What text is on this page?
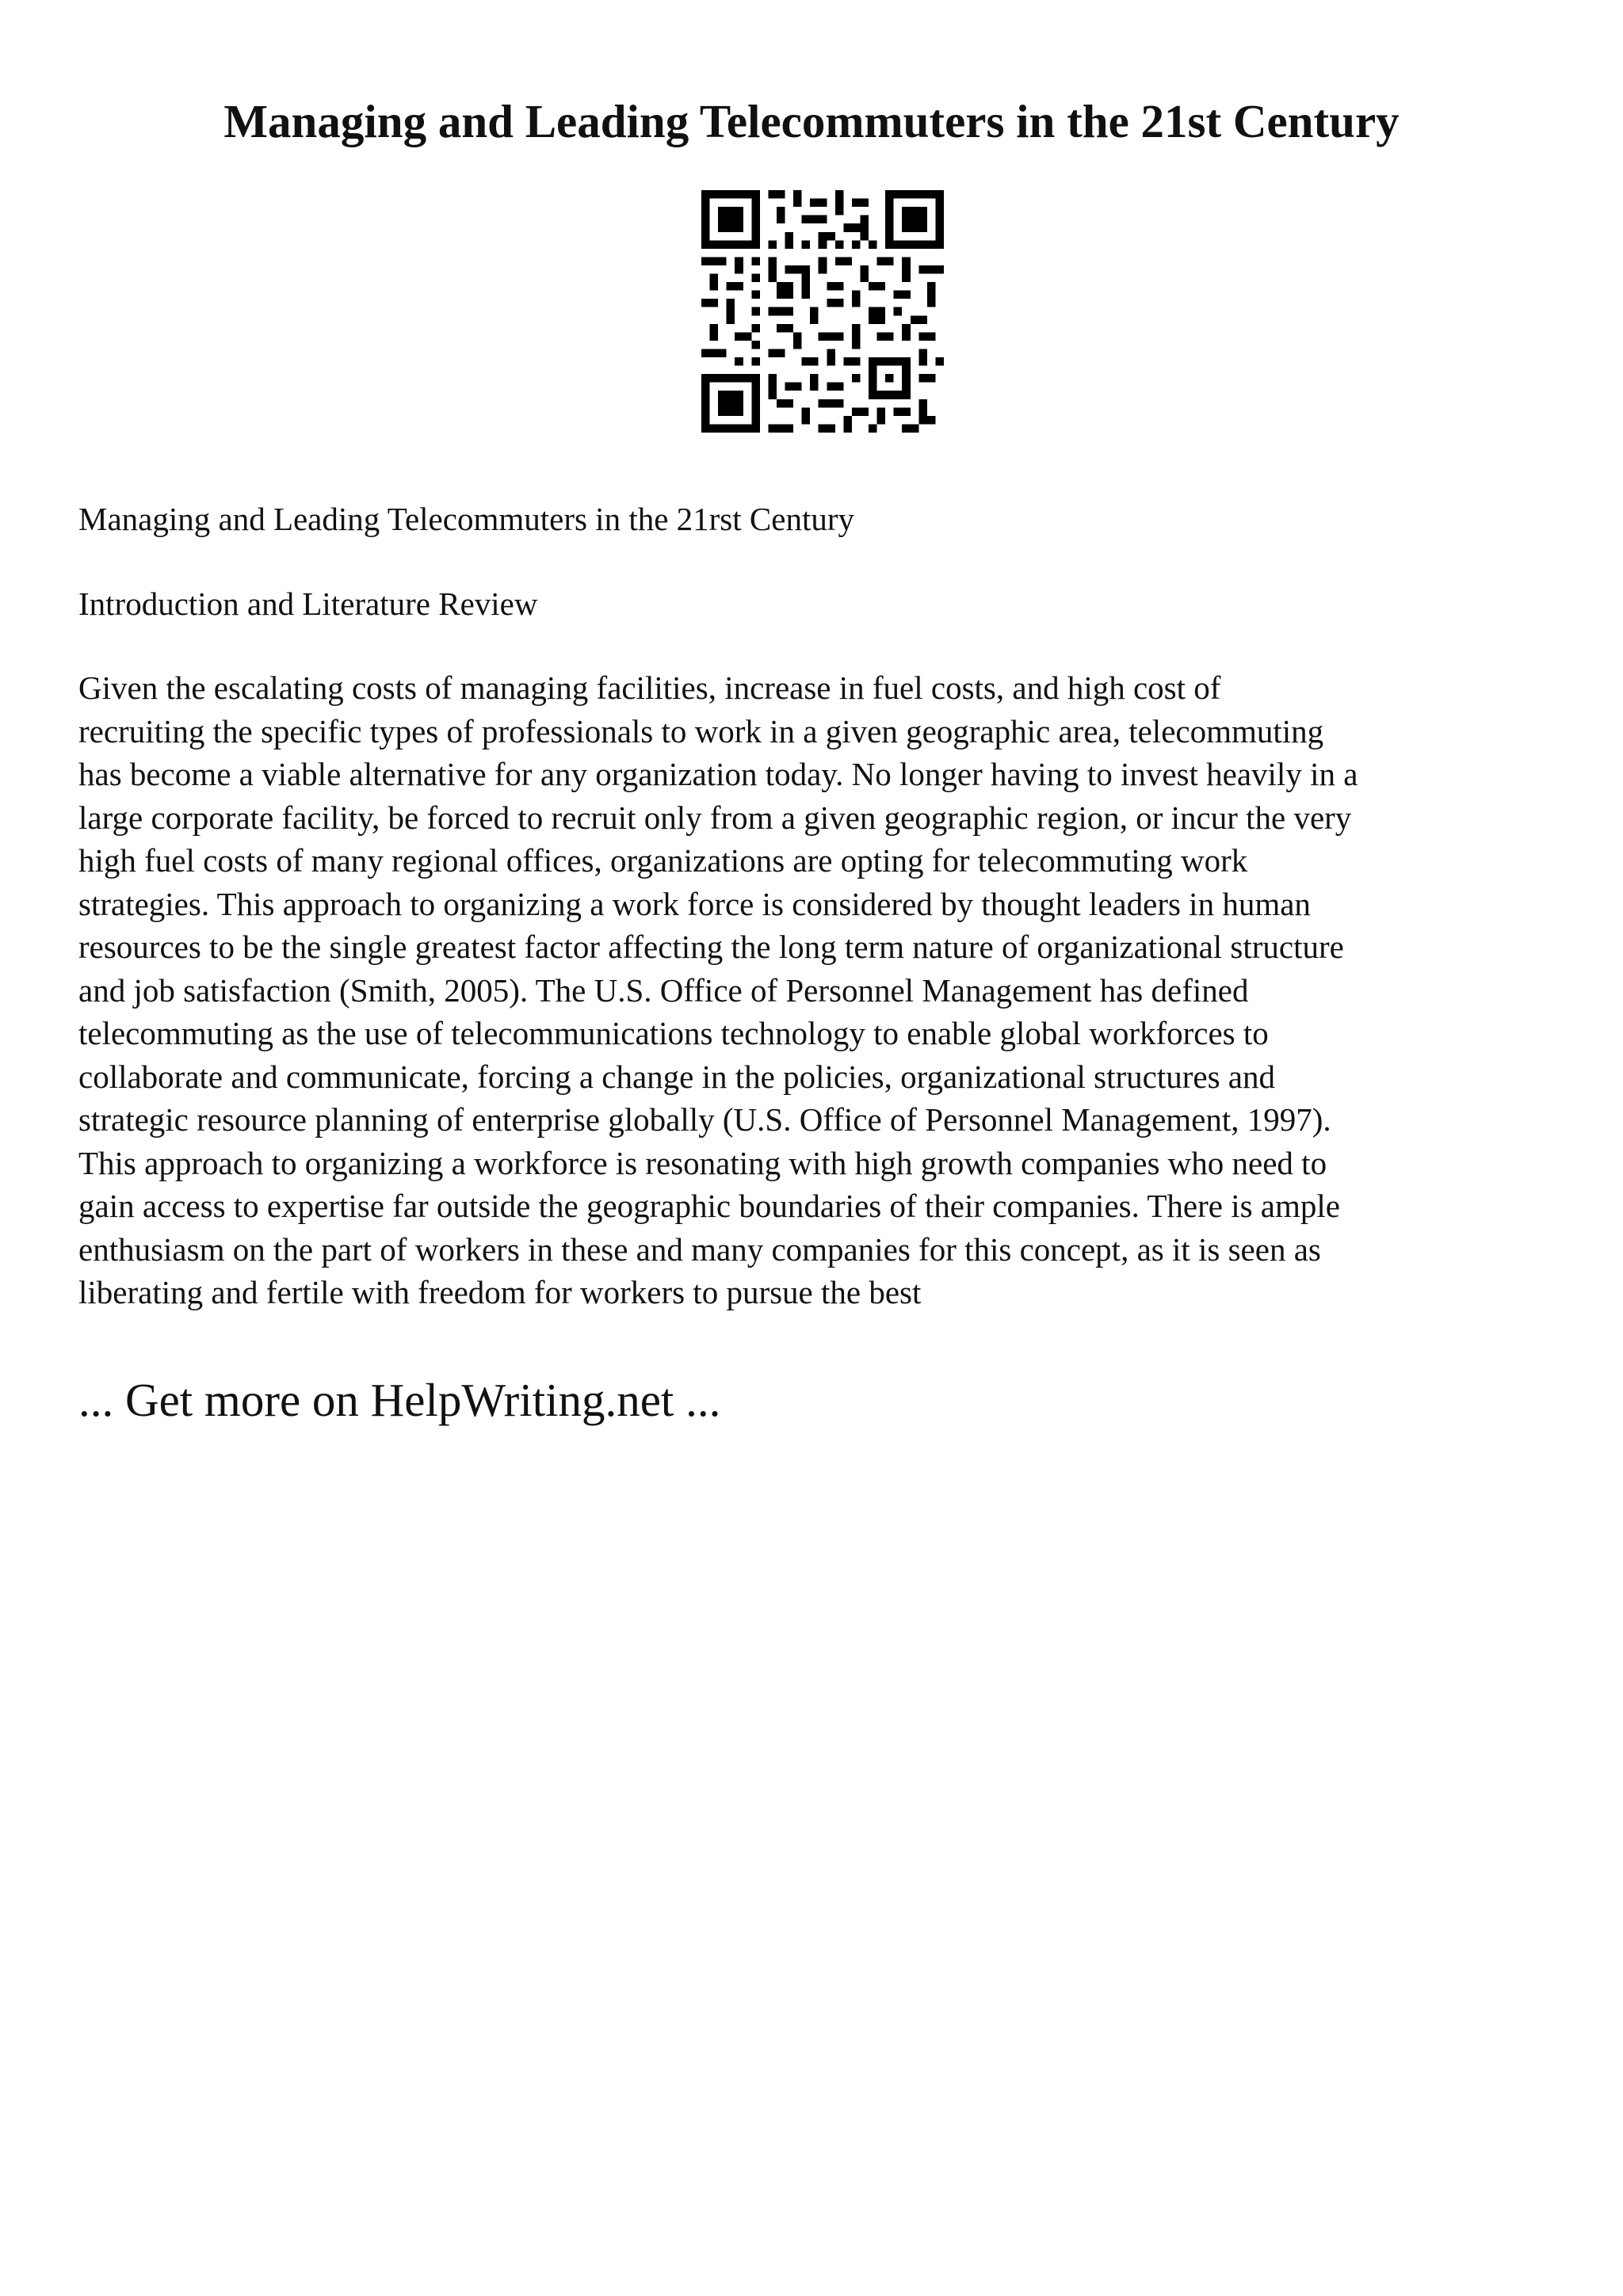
Managing and Leading Telecommuters in the 21st Century

Managing and Leading Telecommuters in the 21rst Century

Introduction and Literature Review

Given the escalating costs of managing facilities, increase in fuel costs, and high cost of
recruiting the specific types of professionals to work in a given geographic area, telecommuting
has become a viable alternative for any organization today. No longer having to invest heavily in a
large corporate facility, be forced to recruit only from a given geographic region, or incur the very
high fuel costs of many regional offices, organizations are opting for telecommuting work
strategies. This approach to organizing a work force is considered by thought leaders in human
resources to be the single greatest factor affecting the long term nature of organizational structure
and job satisfaction (Smith, 2005). The U.S. Office of Personnel Management has defined
telecommuting as the use of telecommunications technology to enable global workforces to
collaborate and communicate, forcing a change in the policies, organizational structures and
strategic resource planning of enterprise globally (U.S. Office of Personnel Management, 1997).
This approach to organizing a workforce is resonating with high growth companies who need to
gain access to expertise far outside the geographic boundaries of their companies. There is ample
enthusiasm on the part of workers in these and many companies for this concept, as it is seen as
liberating and fertile with freedom for workers to pursue the best

... Get more on HelpWriting.net ...
